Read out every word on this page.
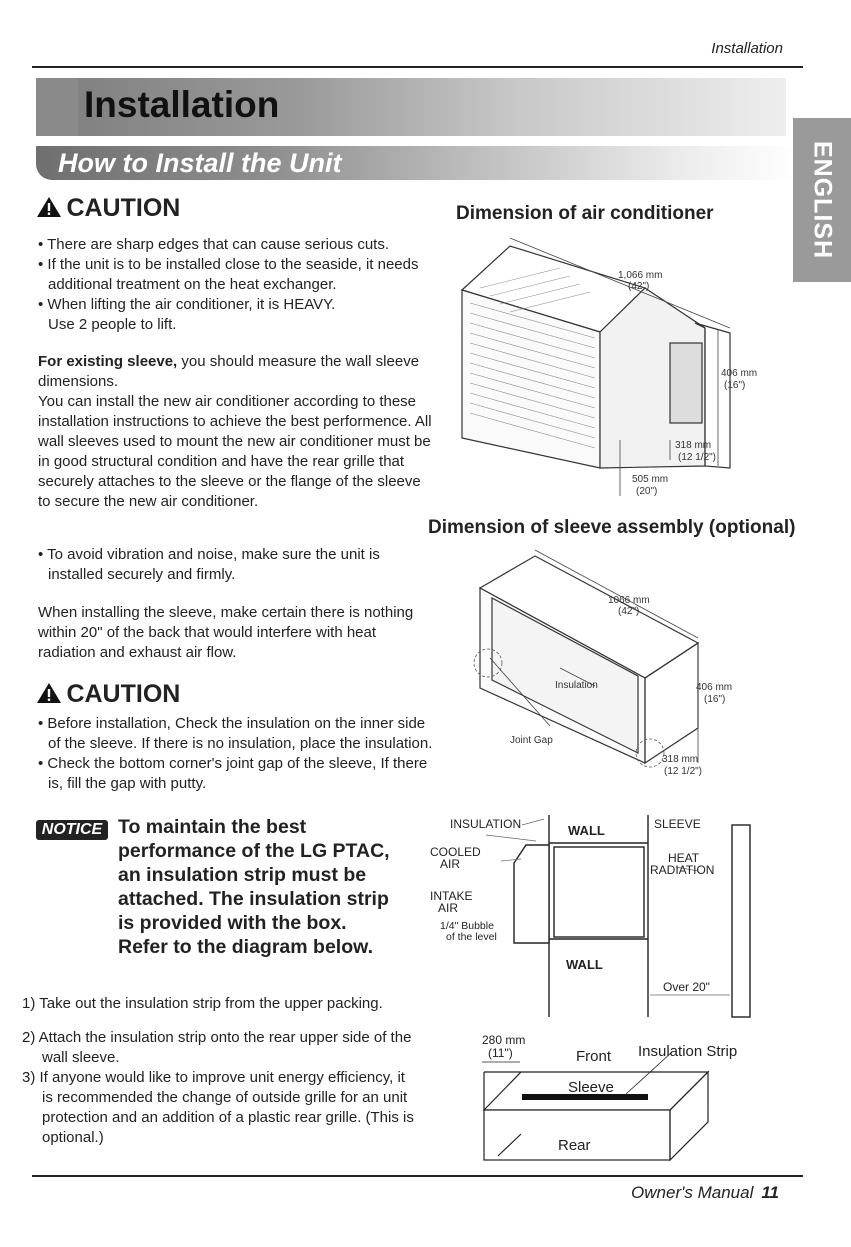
Installation
Installation
How to Install the Unit	ENGLISH
CAUTION
• There are sharp edges that can cause serious cuts.
• If the unit is to be installed close to the seaside, it needs
additional treatment on the heat exchanger.
• When lifting the air conditioner, it is HEAVY.
Use 2 people to lift.
For existing sleeve, you should measure the wall sleeve
dimensions.
You can install the new air conditioner according to these
installation instructions to achieve the best performence. All
wall sleeves used to mount the new air conditioner must be
in good structural condition and have the rear grille that
securely attaches to the sleeve or the flange of the sleeve
to secure the new air conditioner.
• To avoid vibration and noise, make sure the unit is
installed securely and firmly.
When installing the sleeve, make certain there is nothing
within 20" of the back that would interfere with heat
radiation and exhaust air flow.
CAUTION
• Before installation, Check the insulation on the inner side
of the sleeve. If there is no insulation, place the insulation.
• Check the bottom corner's joint gap of the sleeve, If there
is, fill the gap with putty.
NOTICE To maintain the best
performance of the LG PTAC,
an insulation strip must be
attached. The insulation strip
is provided with the box.
Refer to the diagram below.
1) Take out the insulation strip from the upper packing.
2) Attach the insulation strip onto the rear upper side of the
wall sleeve.
3) If anyone would like to improve unit energy efficiency, it
is recommended the change of outside grille for an unit
protection and an addition of a plastic rear grille. (This is
optional.)
Dimension of air conditioner
Dimension of sleeve assembly (optional)
1,066 mm
(42")
406 mm
(16")
318 mm
(12 1/2")
505 mm
(20")
1066 mm
(42")
Insulation
Joint Gap
406 mm
(16")
318 mm
(12 1/2")
INSULATION	WALL	SLEEVE
COOLED
AIR	HEAT
RADIATION
INTAKE
AIR
1/4" Bubble
of the level
WALL
Over 20"
280 mm
(11")	Front Insulation Strip
Sleeve
Rear
Owner's Manual 11
